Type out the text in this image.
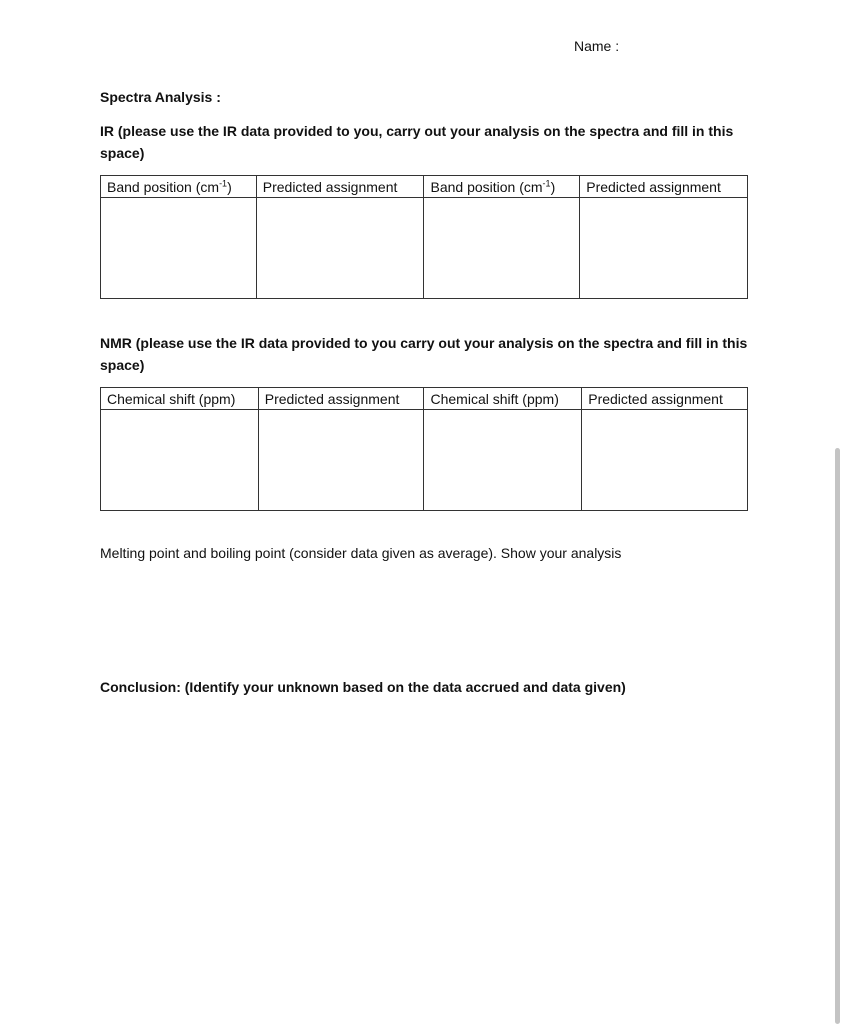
Name :
Spectra Analysis :
IR (please use the IR data provided to you, carry out your analysis on the spectra and fill in this space)
Band position $(cm^{-1})$	Predicted assignment	Band position $(cm^{-1})$	Predicted assignment

NMR (please use the IR data provided to you carry out your analysis on the spectra and fill in this space)
Chemical shift (ppm)	Predicted assignment	Chemical shift (ppm)	Predicted assignment

Melting point and boiling point (consider data given as average). Show your analysis
Conclusion: (Identify your unknown based on the data accrued and data given)
